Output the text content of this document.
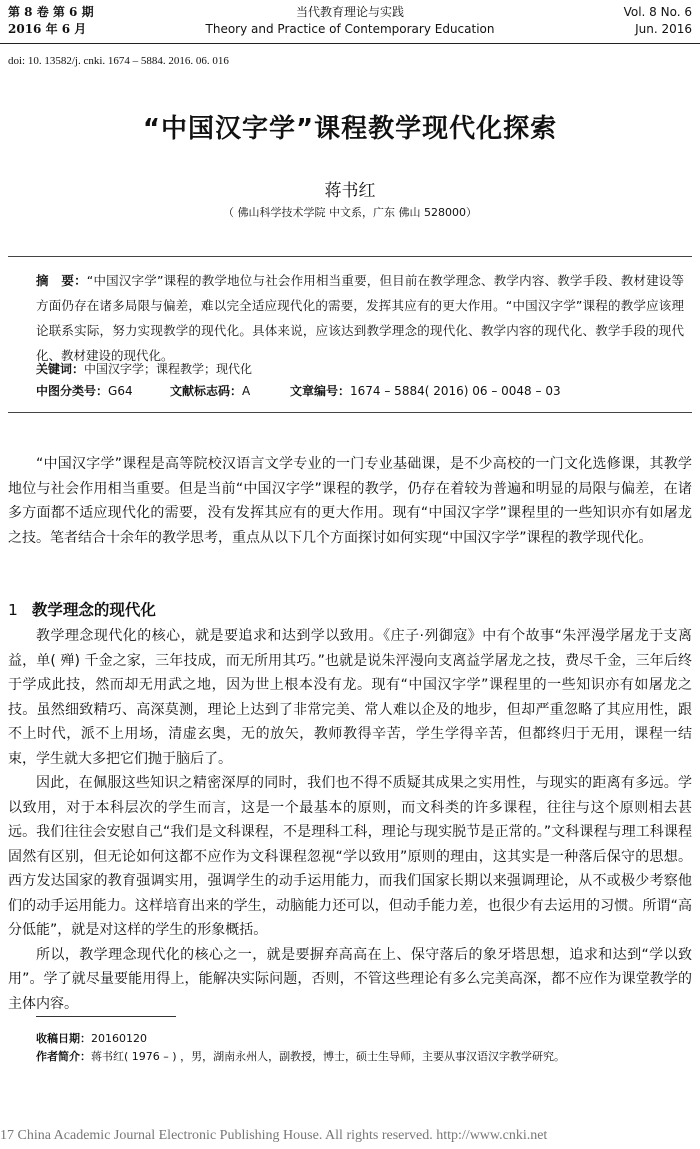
第 8 卷 第 6 期
2016 年 6 月
当代教育理论与实践
Theory and Practice of Contemporary Education
Vol. 8 No. 6
Jun. 2016
doi: 10. 13582/j. cnki. 1674 – 5884. 2016. 06. 016
“中国汉字学”课程教学现代化探索
蒋书红
（ 佛山科学技术学院 中文系，广东 佛山 528000）
摘　要：“中国汉字学”课程的教学地位与社会作用相当重要，但目前在教学理念、教学内容、教学手段、教材建设等方面仍存在诸多局限与偏差，难以完全适应现代化的需要，发挥其应有的更大作用。“中国汉字学”课程的教学应该理论联系实际，努力实现教学的现代化。具体来说，应该达到教学理念的现代化、教学内容的现代化、教学手段的现代化、教材建设的现代化。
关键词：中国汉字学；课程教学；现代化
中图分类号：G64	文献标志码：A	文章编号：1674 – 5884( 2016) 06 – 0048 – 03

“中国汉字学”课程是高等院校汉语言文学专业的一门专业基础课，是不少高校的一门文化选修课，其教学地位与社会作用相当重要。但是当前“中国汉字学”课程的教学，仍存在着较为普遍和明显的局限与偏差，在诸多方面都不适应现代化的需要，没有发挥其应有的更大作用。现有“中国汉字学”课程里的一些知识亦有如屠龙之技。笔者结合十余年的教学思考，重点从以下几个方面探讨如何实现“中国汉字学”课程的教学现代化。

1 教学理念的现代化

教学理念现代化的核心，就是要追求和达到学以致用。《庄子·列御寇》中有个故事“朱泙漫学屠龙于支离益，单( 殚) 千金之家，三年技成，而无所用其巧。”也就是说朱泙漫向支离益学屠龙之技，费尽千金，三年后终于学成此技，然而却无用武之地，因为世上根本没有龙。现有“中国汉字学”课程里的一些知识亦有如屠龙之技。虽然细致精巧、高深莫测，理论上达到了非常完美、常人难以企及的地步，但却严重忽略了其应用性，跟不上时代，派不上用场，清虚玄奥，无的放矢，教师教得辛苦，学生学得辛苦，但都终归于无用，课程一结束，学生就大多把它们抛于脑后了。

因此，在佩服这些知识之精密深厚的同时，我们也不得不质疑其成果之实用性，与现实的距离有多远。学以致用，对于本科层次的学生而言，这是一个最基本的原则，而文科类的许多课程，往往与这个原则相去甚远。我们往往会安慰自己“我们是文科课程，不是理科工科，理论与现实脱节是正常的。”文科课程与理工科课程固然有区别，但无论如何这都不应作为文科课程忽视“学以致用”原则的理由，这其实是一种落后保守的思想。西方发达国家的教育强调实用，强调学生的动手运用能力，而我们国家长期以来强调理论，从不或极少考察他们的动手运用能力。这样培育出来的学生，动脑能力还可以，但动手能力差，也很少有去运用的习惯。所谓“高分低能”，就是对这样的学生的形象概括。

所以，教学理念现代化的核心之一，就是要摒弃高高在上、保守落后的象牙塔思想，追求和达到“学以致用”。学了就尽量要能用得上，能解决实际问题，否则，不管这些理论有多么完美高深，都不应作为课堂教学的主体内容。

收稿日期：20160120
作者简介：蒋书红( 1976 – ) ，男，湖南永州人，副教授，博士，硕士生导师，主要从事汉语汉字教学研究。
17 China Academic Journal Electronic Publishing House. All rights reserved. http://www.cnki.net
